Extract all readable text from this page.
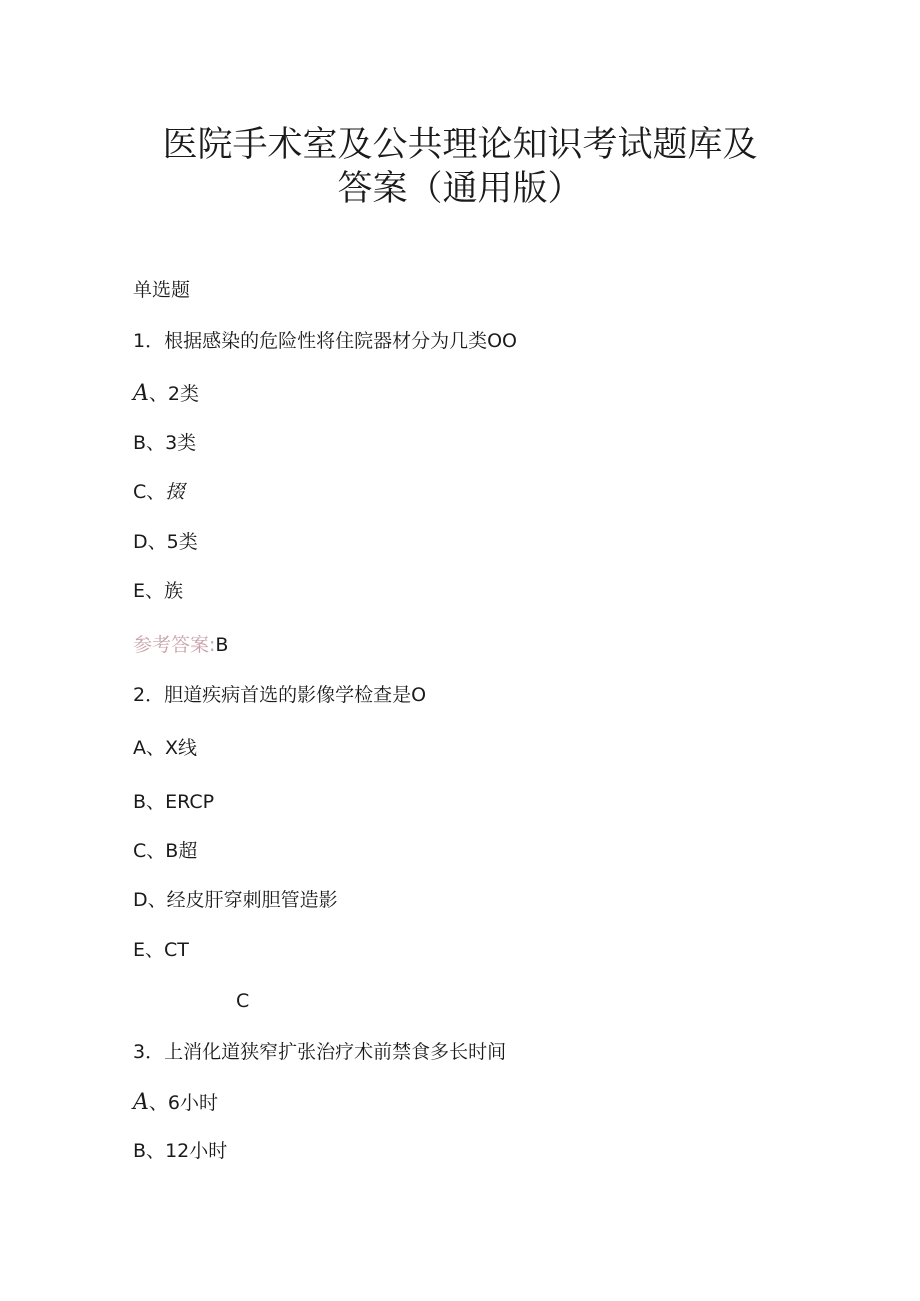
医院手术室及公共理论知识考试题库及
答案（通用版）
单选题
1．根据感染的危险性将住院器材分为几类OO
A、2类
B、3类
C、掇
D、5类
E、族
参考答案:B
2．胆道疾病首选的影像学检查是O
A、X线
B、ERCP
C、B超
D、经皮肝穿刺胆管造影
E、CT
C
3．上消化道狭窄扩张治疗术前禁食多长时间
A、6小时
B、12小时
